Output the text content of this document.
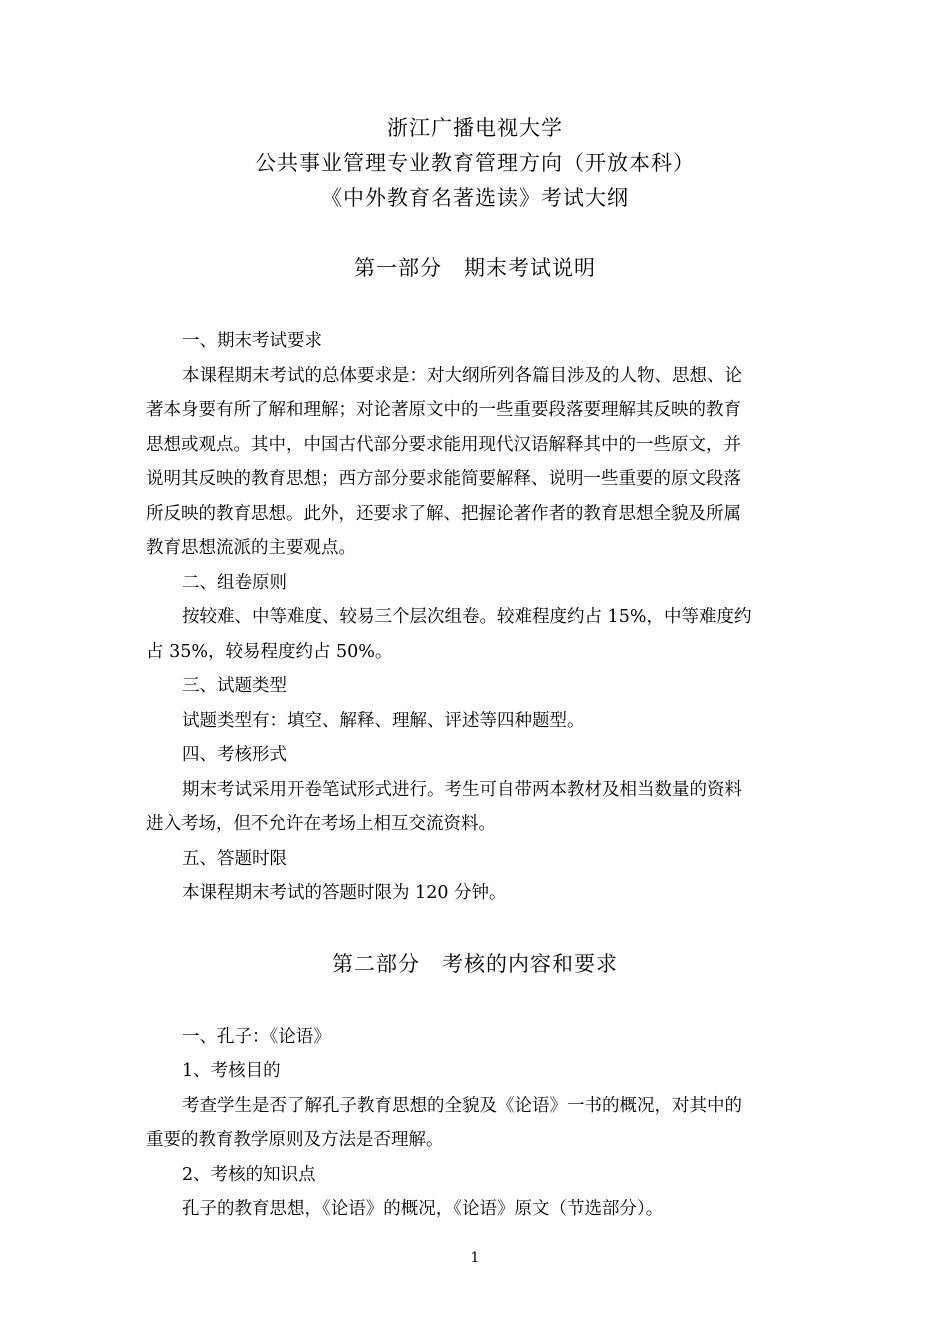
浙江广播电视大学
公共事业管理专业教育管理方向（开放本科）
《中外教育名著选读》考试大纲
第一部分　期末考试说明
一、期末考试要求
本课程期末考试的总体要求是：对大纲所列各篇目涉及的人物、思想、论
著本身要有所了解和理解；对论著原文中的一些重要段落要理解其反映的教育
思想或观点。其中，中国古代部分要求能用现代汉语解释其中的一些原文，并
说明其反映的教育思想；西方部分要求能简要解释、说明一些重要的原文段落
所反映的教育思想。此外，还要求了解、把握论著作者的教育思想全貌及所属
教育思想流派的主要观点。
二、组卷原则
按较难、中等难度、较易三个层次组卷。较难程度约占 15%，中等难度约
占 35%，较易程度约占 50%。
三、试题类型
试题类型有：填空、解释、理解、评述等四种题型。
四、考核形式
期末考试采用开卷笔试形式进行。考生可自带两本教材及相当数量的资料
进入考场，但不允许在考场上相互交流资料。
五、答题时限
本课程期末考试的答题时限为 120 分钟。
第二部分　考核的内容和要求
一、孔子：《论语》
1、考核目的
考查学生是否了解孔子教育思想的全貌及《论语》一书的概况，对其中的
重要的教育教学原则及方法是否理解。
2、考核的知识点
孔子的教育思想，《论语》的概况，《论语》原文（节选部分）。
1
